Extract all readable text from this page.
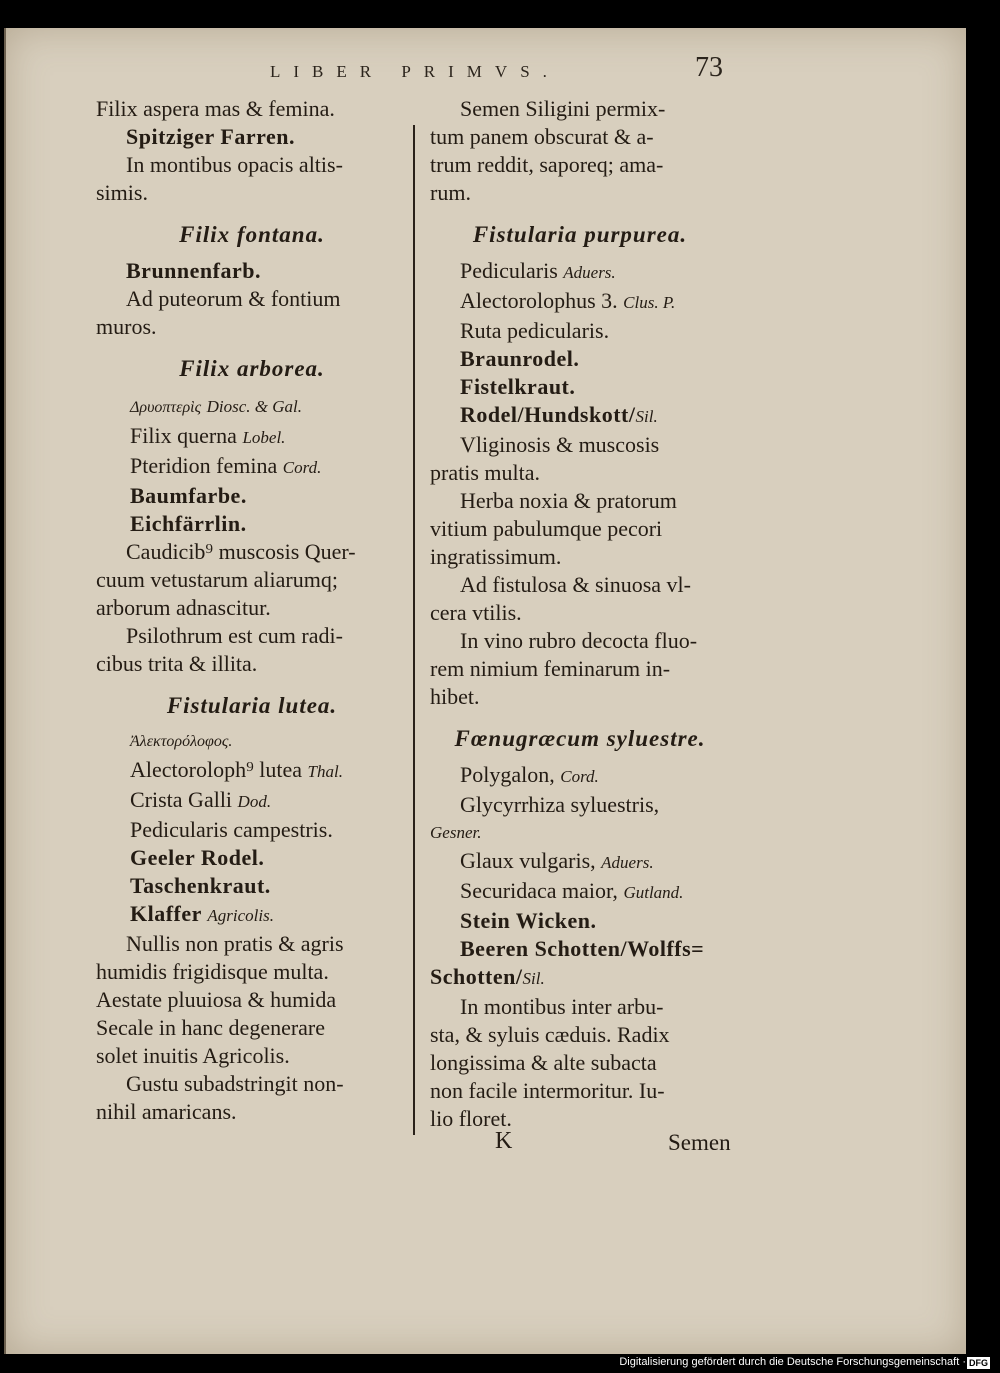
LIBER PRIMVS.	73
Filix aspera mas & femina.
Spitziger Farren.
In montibus opacis altis-
simis.
Filix fontana.
Brunnenfarb.
Ad puteorum & fontium
muros.
Filix arborea.
Δρυοπτερὶς Diosc. & Gal.
Filix querna Lobel.
Pteridion femina Cord.
Baumfarbe.
Eichfärrlin.
Caudicib⁹ muscosis Quer-
cuum vetustarum aliarumq;
arborum adnascitur.
Psilothrum est cum radi-
cibus trita & illita.
Fistularia lutea.
Ἀλεκτορόλοφος.
Alectoroloph⁹ lutea Thal.
Crista Galli Dod.
Pedicularis campestris.
Geeler Rodel.
Taschenkraut.
Klaffer Agricolis.
Nullis non pratis & agris
humidis frigidisque multa.
Aestate pluuiosa & humida
Secale in hanc degenerare
solet inuitis Agricolis.
Gustu subadstringit non-
nihil amaricans.
Semen Siligini permix-
tum panem obscurat & a-
trum reddit, saporeq; ama-
rum.
Fistularia purpurea.
Pedicularis Aduers.
Alectorolophus 3. Clus. P.
Ruta pedicularis.
Braunrodel.
Fistelkraut.
Rodel/Hundskott/Sil.
Vliginosis & muscosis
pratis multa.
Herba noxia & pratorum
vitium pabulumque pecori
ingratissimum.
Ad fistulosa & sinuosa vl-
cera vtilis.
In vino rubro decocta fluo-
rem nimium feminarum in-
hibet.
Fœnugræcum syluestre.
Polygalon, Cord.
Glycyrrhiza syluestris,
Gesner.
Glaux vulgaris, Aduers.
Securidaca maior, Gutland.
Stein Wicken.
Beeren Schotten/Wolffs=
Schotten/Sil.
In montibus inter arbu-
sta, & syluis cæduis. Radix
longissima & alte subacta
non facile intermoritur. Iu-
lio floret.
K	Semen
Digitalisierung gefördert durch die Deutsche Forschungsgemeinschaft · DFG
